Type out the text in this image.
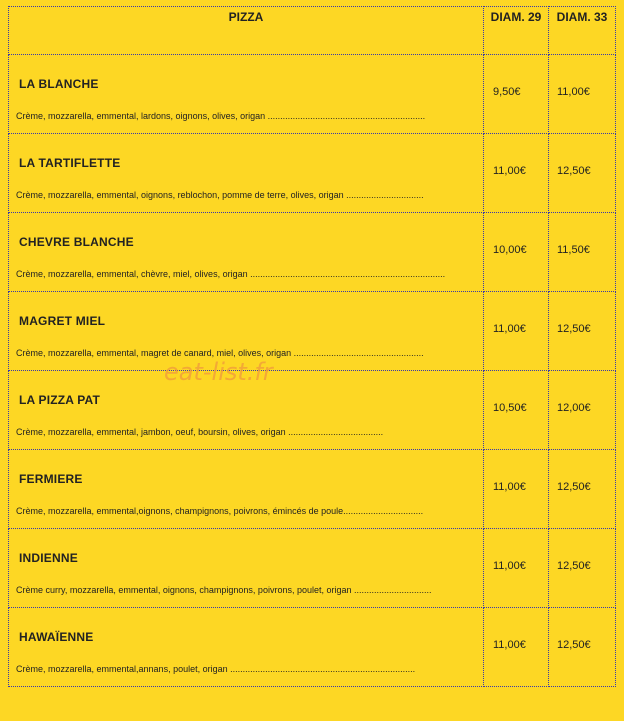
PIZZA	DIAM. 29	DIAM. 33

LA BLANCHE
Crème, mozzarella, emmental, lardons, oignons, olives, origan ...............................................................	9,50€	11,00€

LA TARTIFLETTE
Crème, mozzarella, emmental, oignons, reblochon, pomme de terre, olives, origan ...............................	11,00€	12,50€

CHEVRE BLANCHE
Crème, mozzarella, emmental, chèvre, miel, olives, origan ..............................................................................	10,00€	11,50€

MAGRET MIEL
Crème, mozzarella, emmental, magret de canard, miel, olives, origan ....................................................	11,00€	12,50€

LA PIZZA PAT
Crème, mozzarella, emmental, jambon, oeuf, boursin, olives, origan ......................................	10,50€	12,00€

FERMIERE
Crème, mozzarella, emmental,oignons, champignons, poivrons, émincés de poule................................	11,00€	12,50€

INDIENNE
Crème curry, mozzarella, emmental, oignons, champignons, poivrons, poulet, origan ...............................	11,00€	12,50€

HAWAÏENNE
Crème, mozzarella, emmental,annans, poulet, origan ..........................................................................	11,00€	12,50€
eat-list.fr
